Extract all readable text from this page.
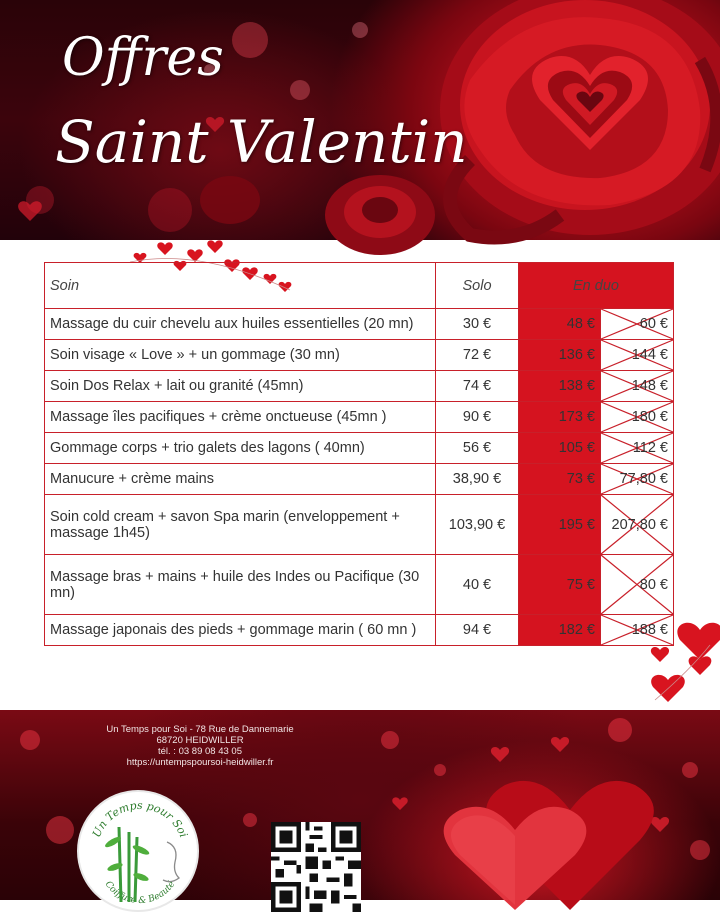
Offres
Saint Valentin
Soin	Solo	En duo	
Massage du cuir chevelu aux huiles essentielles (20 mn)	30 €	48 €	60 €
Soin visage « Love » + un gommage (30 mn)	72 €	136 €	144 €
Soin Dos Relax + lait ou granité (45mn)	74 €	138 €	148 €
Massage îles pacifiques + crème onctueuse (45mn )	90 €	173 €	180 €
Gommage corps + trio galets des lagons ( 40mn)	56 €	105 €	112 €
Manucure + crème mains	38,90 €	73 €	77,80 €
Soin cold cream + savon Spa marin (enveloppement + massage 1h45)	103,90 €	195 €	207,80 €
Massage bras + mains + huile des Indes ou Pacifique (30 mn)	40 €	75 €	80 €
Massage japonais des pieds + gommage marin ( 60 mn )	94 €	182 €	188 €
Un Temps pour Soi - 78 Rue de Dannemarie
68720 HEIDWILLER
tél. : 03 89 08 43 05
https://untempspoursoi-heidwiller.fr
Un Temps pour Soi
Coiffure & Beauté
